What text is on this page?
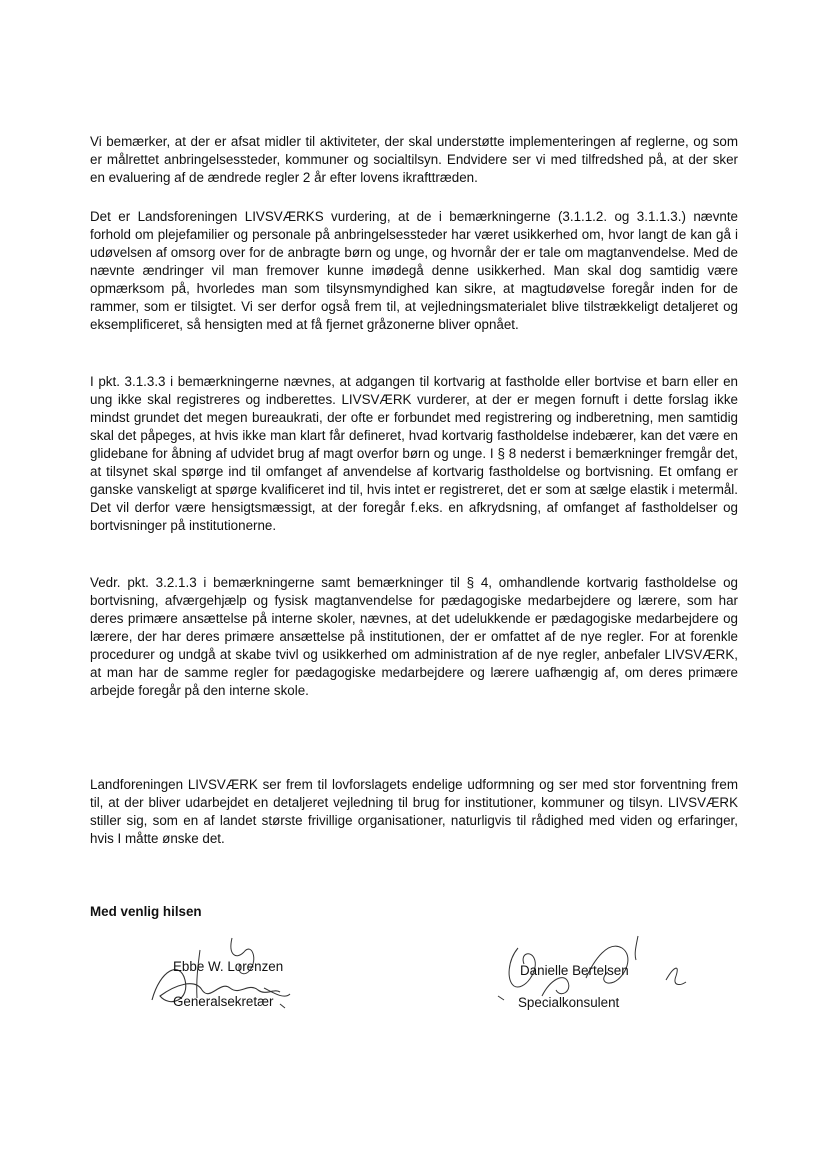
Vi bemærker, at der er afsat midler til aktiviteter, der skal understøtte implementeringen af reglerne, og som er målrettet anbringelsessteder, kommuner og socialtilsyn. Endvidere ser vi med tilfredshed på, at der sker en evaluering af de ændrede regler 2 år efter lovens ikrafttræden.

Det er Landsforeningen LIVSVÆRKS vurdering, at de i bemærkningerne (3.1.1.2. og 3.1.1.3.) nævnte forhold om plejefamilier og personale på anbringelsessteder har været usikkerhed om, hvor langt de kan gå i udøvelsen af omsorg over for de anbragte børn og unge, og hvornår der er tale om magtanvendelse. Med de nævnte ændringer vil man fremover kunne imødegå denne usikkerhed. Man skal dog samtidig være opmærksom på, hvorledes man som tilsynsmyndighed kan sikre, at magtudøvelse foregår inden for de rammer, som er tilsigtet. Vi ser derfor også frem til, at vejledningsmaterialet blive tilstrækkeligt detaljeret og eksemplificeret, så hensigten med at få fjernet gråzonerne bliver opnået.

I pkt. 3.1.3.3 i bemærkningerne nævnes, at adgangen til kortvarig at fastholde eller bortvise et barn eller en ung ikke skal registreres og indberettes. LIVSVÆRK vurderer, at der er megen fornuft i dette forslag ikke mindst grundet det megen bureaukrati, der ofte er forbundet med registrering og indberetning, men samtidig skal det påpeges, at hvis ikke man klart får defineret, hvad kortvarig fastholdelse indebærer, kan det være en glidebane for åbning af udvidet brug af magt overfor børn og unge. I § 8 nederst i bemærkninger fremgår det, at tilsynet skal spørge ind til omfanget af anvendelse af kortvarig fastholdelse og bortvisning. Et omfang er ganske vanskeligt at spørge kvalificeret ind til, hvis intet er registreret, det er som at sælge elastik i metermål. Det vil derfor være hensigtsmæssigt, at der foregår f.eks. en afkrydsning, af omfanget af fastholdelser og bortvisninger på institutionerne.

Vedr. pkt. 3.2.1.3 i bemærkningerne samt bemærkninger til § 4, omhandlende kortvarig fastholdelse og bortvisning, afværgehjælp og fysisk magtanvendelse for pædagogiske medarbejdere og lærere, som har deres primære ansættelse på interne skoler, nævnes, at det udelukkende er pædagogiske medarbejdere og lærere, der har deres primære ansættelse på institutionen, der er omfattet af de nye regler. For at forenkle procedurer og undgå at skabe tvivl og usikkerhed om administration af de nye regler, anbefaler LIVSVÆRK, at man har de samme regler for pædagogiske medarbejdere og lærere uafhængig af, om deres primære arbejde foregår på den interne skole.

Landforeningen LIVSVÆRK ser frem til lovforslagets endelige udformning og ser med stor forventning frem til, at der bliver udarbejdet en detaljeret vejledning til brug for institutioner, kommuner og tilsyn. LIVSVÆRK stiller sig, som en af landet største frivillige organisationer, naturligvis til rådighed med viden og erfaringer, hvis I måtte ønske det.

Med venlig hilsen

Ebbe W. Lorenzen
Generalsekretær
Danielle Bertelsen
Specialkonsulent
